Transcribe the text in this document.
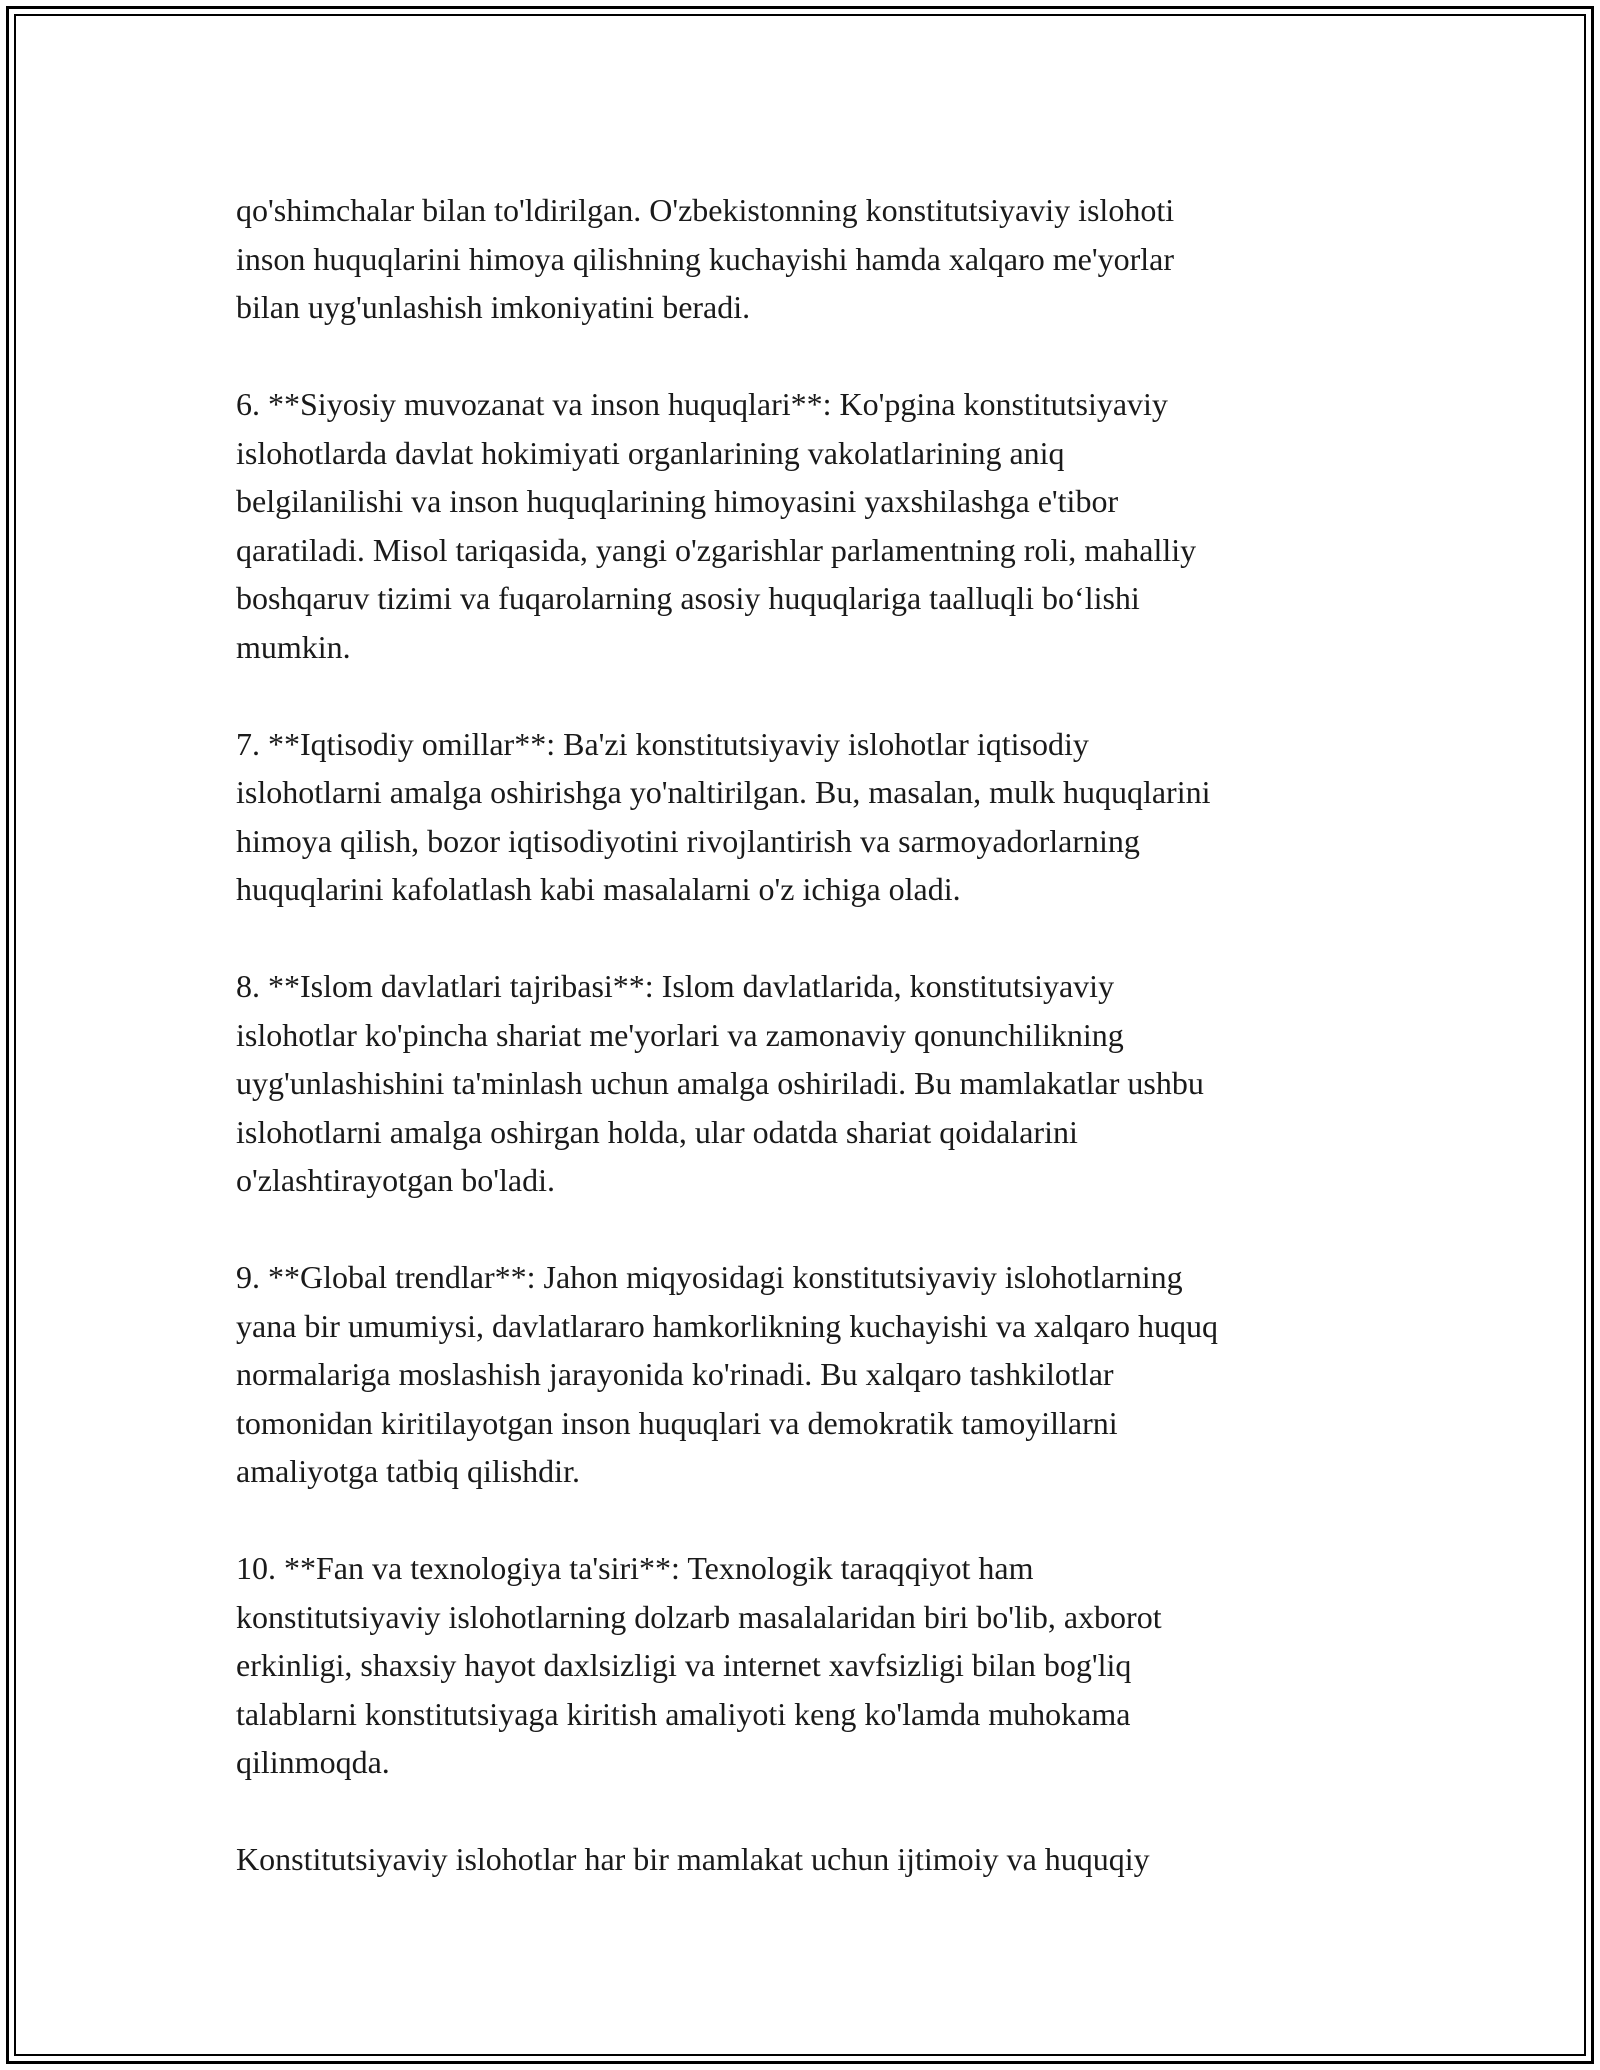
qo'shimchalar bilan to'ldirilgan. O'zbekistonning konstitutsiyaviy islohoti
inson huquqlarini himoya qilishning kuchayishi hamda xalqaro me'yorlar
bilan uyg'unlashish imkoniyatini beradi.

6. **Siyosiy muvozanat va inson huquqlari**: Ko'pgina konstitutsiyaviy
islohotlarda davlat hokimiyati organlarining vakolatlarining aniq
belgilanilishi va inson huquqlarining himoyasini yaxshilashga e'tibor
qaratiladi. Misol tariqasida, yangi o'zgarishlar parlamentning roli, mahalliy
boshqaruv tizimi va fuqarolarning asosiy huquqlariga taalluqli bo‘lishi
mumkin.

7. **Iqtisodiy omillar**: Ba'zi konstitutsiyaviy islohotlar iqtisodiy
islohotlarni amalga oshirishga yo'naltirilgan. Bu, masalan, mulk huquqlarini
himoya qilish, bozor iqtisodiyotini rivojlantirish va sarmoyadorlarning
huquqlarini kafolatlash kabi masalalarni o'z ichiga oladi.

8. **Islom davlatlari tajribasi**: Islom davlatlarida, konstitutsiyaviy
islohotlar ko'pincha shariat me'yorlari va zamonaviy qonunchilikning
uyg'unlashishini ta'minlash uchun amalga oshiriladi. Bu mamlakatlar ushbu
islohotlarni amalga oshirgan holda, ular odatda shariat qoidalarini
o'zlashtirayotgan bo'ladi.

9. **Global trendlar**: Jahon miqyosidagi konstitutsiyaviy islohotlarning
yana bir umumiysi, davlatlararo hamkorlikning kuchayishi va xalqaro huquq
normalariga moslashish jarayonida ko'rinadi. Bu xalqaro tashkilotlar
tomonidan kiritilayotgan inson huquqlari va demokratik tamoyillarni
amaliyotga tatbiq qilishdir.

10. **Fan va texnologiya ta'siri**: Texnologik taraqqiyot ham
konstitutsiyaviy islohotlarning dolzarb masalalaridan biri bo'lib, axborot
erkinligi, shaxsiy hayot daxlsizligi va internet xavfsizligi bilan bog'liq
talablarni konstitutsiyaga kiritish amaliyoti keng ko'lamda muhokama
qilinmoqda.

Konstitutsiyaviy islohotlar har bir mamlakat uchun ijtimoiy va huquqiy
